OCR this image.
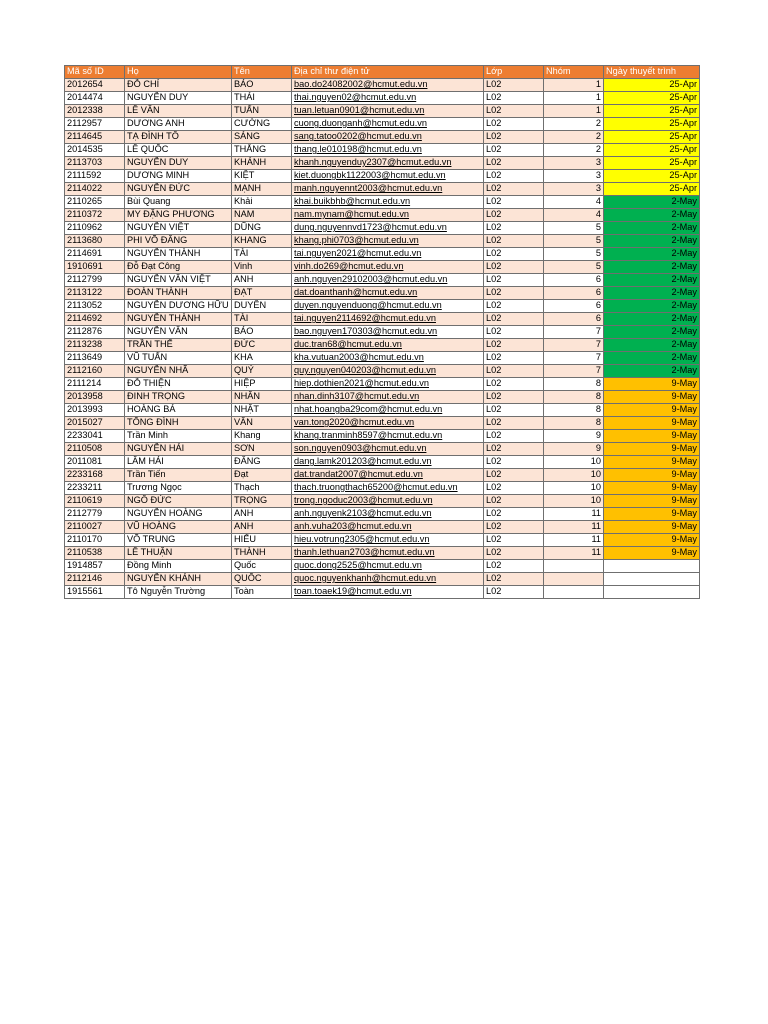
Mã số ID	Họ	Tên	Địa chỉ thư điện tử	Lớp	Nhóm	Ngày thuyết trình
2012654	ĐỖ CHÍ	BẢO	bao.do24082002@hcmut.edu.vn	L02	1	25-Apr
2014474	NGUYỄN DUY	THÁI	thai.nguyen02@hcmut.edu.vn	L02	1	25-Apr
2012338	LÊ VĂN	TUẤN	tuan.letuan0901@hcmut.edu.vn	L02	1	25-Apr
2112957	DƯƠNG ANH	CƯỜNG	cuong.duonganh@hcmut.edu.vn	L02	2	25-Apr
2114645	TẠ ĐÌNH TÔ	SÁNG	sang.tatoo0202@hcmut.edu.vn	L02	2	25-Apr
2014535	LÊ QUỐC	THẮNG	thang.le010198@hcmut.edu.vn	L02	2	25-Apr
2113703	NGUYỄN DUY	KHÁNH	khanh.nguyenduy2307@hcmut.edu.vn	L02	3	25-Apr
2111592	DƯƠNG MINH	KIỆT	kiet.duongbk1122003@hcmut.edu.vn	L02	3	25-Apr
2114022	NGUYỄN ĐỨC	MẠNH	manh.nguyennt2003@hcmut.edu.vn	L02	3	25-Apr
2110265	Bùi Quang	Khải	khai.buikbhb@hcmut.edu.vn	L02	4	2-May
2110372	MY ĐẶNG PHƯƠNG	NAM	nam.mynam@hcmut.edu.vn	L02	4	2-May
2110962	NGUYỄN VIỆT	DŨNG	dung.nguyennvd1723@hcmut.edu.vn	L02	5	2-May
2113680	PHI VÕ ĐĂNG	KHANG	khang.phi0703@hcmut.edu.vn	L02	5	2-May
2114691	NGUYỄN THÀNH	TÀI	tai.nguyen2021@hcmut.edu.vn	L02	5	2-May
1910691	Đỗ Đạt Công	Vinh	vinh.do269@hcmut.edu.vn	L02	5	2-May
2112799	NGUYỄN VĂN VIỆT	ANH	anh.nguyen29102003@hcmut.edu.vn	L02	6	2-May
2113122	ĐOÀN THÀNH	ĐẠT	dat.doanthanh@hcmut.edu.vn	L02	6	2-May
2113052	NGUYỄN DƯƠNG HỮU	DUYÊN	duyen.nguyenduong@hcmut.edu.vn	L02	6	2-May
2114692	NGUYỄN THÀNH	TÀI	tai.nguyen2114692@hcmut.edu.vn	L02	6	2-May
2112876	NGUYỄN VĂN	BẢO	bao.nguyen170303@hcmut.edu.vn	L02	7	2-May
2113238	TRẦN THẾ	ĐỨC	duc.tran68@hcmut.edu.vn	L02	7	2-May
2113649	VŨ TUẤN	KHA	kha.vutuan2003@hcmut.edu.vn	L02	7	2-May
2112160	NGUYỄN NHÃ	QUÝ	quy.nguyen040203@hcmut.edu.vn	L02	7	2-May
2111214	ĐỖ THIỆN	HIỆP	hiep.dothien2021@hcmut.edu.vn	L02	8	9-May
2013958	ĐINH TRỌNG	NHÂN	nhan.dinh3107@hcmut.edu.vn	L02	8	9-May
2013993	HOÀNG BÁ	NHẬT	nhat.hoangba29com@hcmut.edu.vn	L02	8	9-May
2015027	TỐNG ĐÌNH	VĂN	van.tong2020@hcmut.edu.vn	L02	8	9-May
2233041	Trần Minh	Khang	khang.tranminh8597@hcmut.edu.vn	L02	9	9-May
2110508	NGUYỄN HẢI	SƠN	son.nguyen0903@hcmut.edu.vn	L02	9	9-May
2011081	LÂM HẢI	ĐĂNG	dang.lamk201203@hcmut.edu.vn	L02	10	9-May
2233168	Trần Tiến	Đạt	dat.trandat2007@hcmut.edu.vn	L02	10	9-May
2233211	Trương Ngọc	Thạch	thach.truongthach65200@hcmut.edu.vn	L02	10	9-May
2110619	NGÔ ĐỨC	TRỌNG	trong.ngoduc2003@hcmut.edu.vn	L02	10	9-May
2112779	NGUYỄN HOÀNG	ANH	anh.nguyenk2103@hcmut.edu.vn	L02	11	9-May
2110027	VŨ HOÀNG	ANH	anh.vuha203@hcmut.edu.vn	L02	11	9-May
2110170	VÕ TRUNG	HIẾU	hieu.votrung2305@hcmut.edu.vn	L02	11	9-May
2110538	LÊ THUẬN	THÀNH	thanh.lethuan2703@hcmut.edu.vn	L02	11	9-May
1914857	Đồng Minh	Quốc	quoc.dong2525@hcmut.edu.vn	L02		
2112146	NGUYỄN KHÁNH	QUỐC	quoc.nguyenkhanh@hcmut.edu.vn	L02		
1915561	Tô Nguyễn Trường	Toàn	toan.toaek19@hcmut.edu.vn	L02		
